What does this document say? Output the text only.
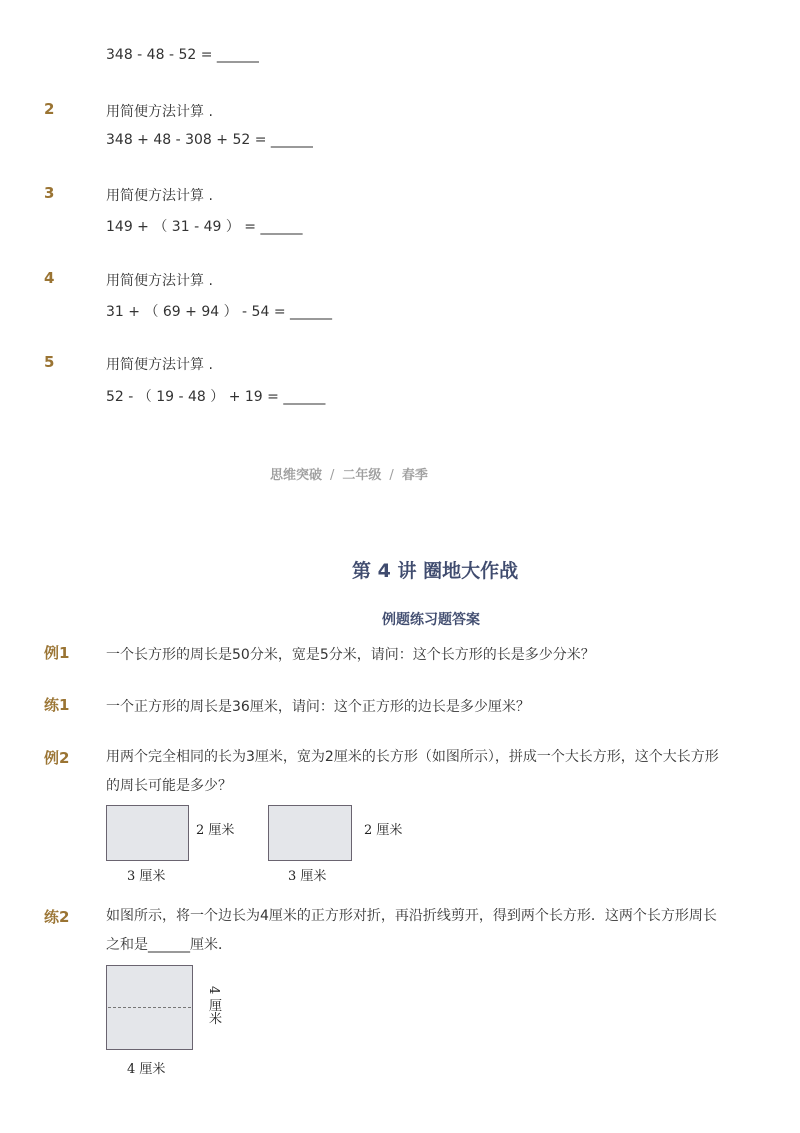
348 - 48 - 52 = ______
2	用简便方法计算 .
348 + 48 - 308 + 52 = ______
3	用简便方法计算 .
149 + （ 31 - 49 ） = ______
4	用简便方法计算 .
31 + （ 69 + 94 ） - 54 = ______
5	用简便方法计算 .
52 - （ 19 - 48 ） + 19 = ______
思维突破 / 二年级 / 春季
第 4 讲 圈地大作战
例题练习题答案
例1	一个长方形的周长是50分米，宽是5分米，请问：这个长方形的长是多少分米？
练1	一个正方形的周长是36厘米，请问：这个正方形的边长是多少厘米？
例2	用两个完全相同的长为3厘米，宽为2厘米的长方形（如图所示），拼成一个大长方形，这个大长方形的周长可能是多少？
2 厘米
3 厘米
2 厘米
3 厘米
练2	如图所示，将一个边长为4厘米的正方形对折，再沿折线剪开，得到两个长方形．这两个长方形周长之和是______厘米．
4 厘米
4 厘米
